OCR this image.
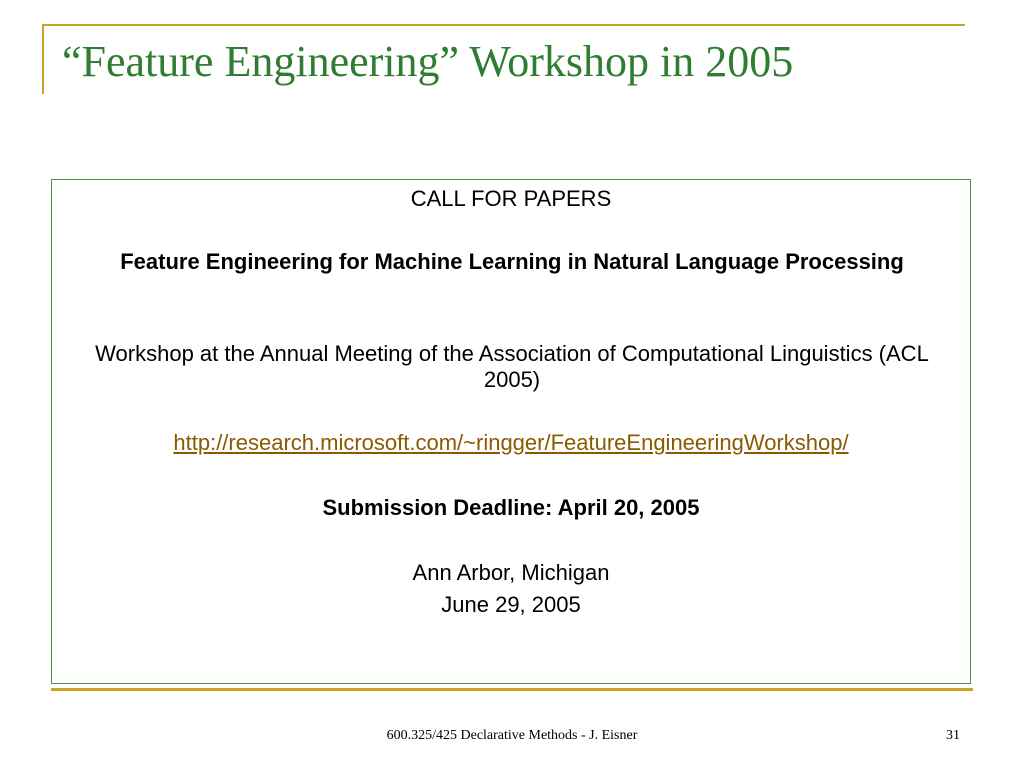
“Feature Engineering” Workshop in 2005
CALL FOR PAPERS
Feature Engineering for Machine Learning in Natural Language Processing
Workshop at the Annual Meeting of the Association of Computational Linguistics (ACL 2005)
http://research.microsoft.com/~ringger/FeatureEngineeringWorkshop/
Submission Deadline: April 20, 2005
Ann Arbor, Michigan
June 29, 2005
600.325/425 Declarative Methods - J. Eisner	31
